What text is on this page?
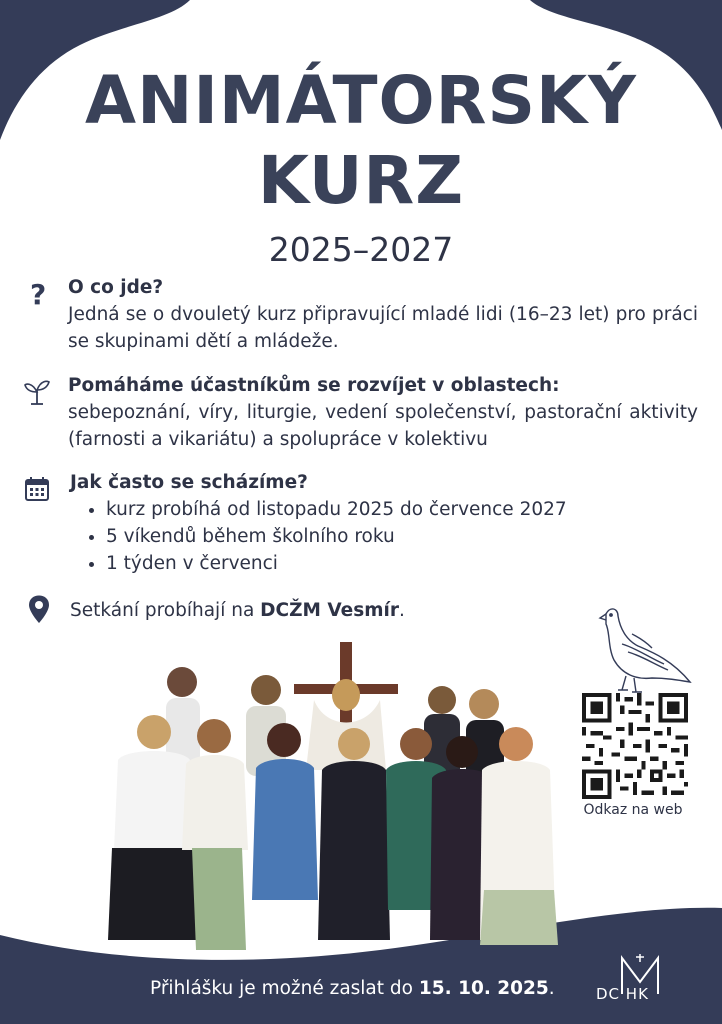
ANIMÁTORSKÝ
KURZ
2025–2027
? O co jde?
Jedná se o dvouletý kurz připravující mladé lidi (16–23 let) pro práci se skupinami dětí a mládeže.
Pomáháme účastníkům se rozvíjet v oblastech:
sebepoznání, víry, liturgie, vedení společenství, pastorační aktivity (farnosti a vikariátu) a spolupráce v kolektivu
Jak často se scházíme?
• kurz probíhá od listopadu 2025 do července 2027
• 5 víkendů během školního roku
• 1 týden v červenci
Setkání probíhají na DCŽM Vesmír.
Odkaz na web
Přihlášku je možné zaslat do 15. 10. 2025.	DC HK
